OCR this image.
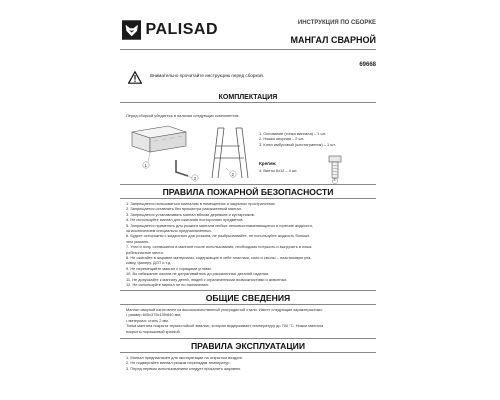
PALISAD	ИНСТРУКЦИЯ ПО СБОРКЕ
МАНГАЛ СВАРНОЙ
69668
Внимательно прочитайте инструкцию перед сборкой.
КОМПЛЕКТАЦИЯ
Перед сборкой убедитесь в наличии следующих компонентов:
1
2
3
1. Основание (топка мангала) – 1 шт.
2. Ножка опорная – 2 шт.
3. Ключ имбусовый (шестигранник) – 1 шт.
Крепеж
4. Винты 6х12 – 4 шт.
4
ПРАВИЛА ПОЖАРНОЙ БЕЗОПАСНОСТИ
1. Запрещается пользоваться мангалом в помещениях и закрытых пространствах.
2. Запрещается оставлять без присмотра разожженный мангал.
3. Запрещается устанавливать мангал вблизи деревьев и кустарников.
4. Не используйте мангал для сжигания посторонних предметов.
5. Запрещается применять для розжига мангала любые легковоспламеняющиеся и горючие жидкости,
за исключением специально предназначенных.
6. Будьте осторожны с жидкостью для розжига, не разбрызгивайте, не используйте жидкость больше,
чем указано.
7. Угли и золу, оставшиеся в мангале после использования, необходимо потушить и выгрузить в пожа-
робезопасное место.
8. Не сжигайте в жаровне материалы, содержащие в себе пластики, клеи и смолы – пластиковую упа-
ковку, фанеру, ДСП и т.д.
9. Не перемещайте мангал с горящими углями.
10. Во избежание ожогов не дотрагивайтесь до раскаленных деталей изделия.
11. Не допускайте к мангалу детей, людей с ограниченными возможностями и животных.
12. Не используйте мангал не по назначению.
ОБЩИЕ СВЕДЕНИЯ
Мангал сварной изготовлен из высококачественной углеродистой стали. Имеет следующие характеристики:
• размер 605х375х139/840 мм;
• материал: сталь 2 мм.
Топка мангала покрыта термостойкой эмалью, которая выдерживает температуру до 700 °С. Ножки мангала
покрыты порошковой краской.
ПРАВИЛА ЭКСПЛУАТАЦИИ
1. Мангал предназначен для эксплуатации на открытом воздухе.
2. Не подвергайте мангал резким перепадам температур.
3. Перед первым использованием следует прокалить жаровню.
